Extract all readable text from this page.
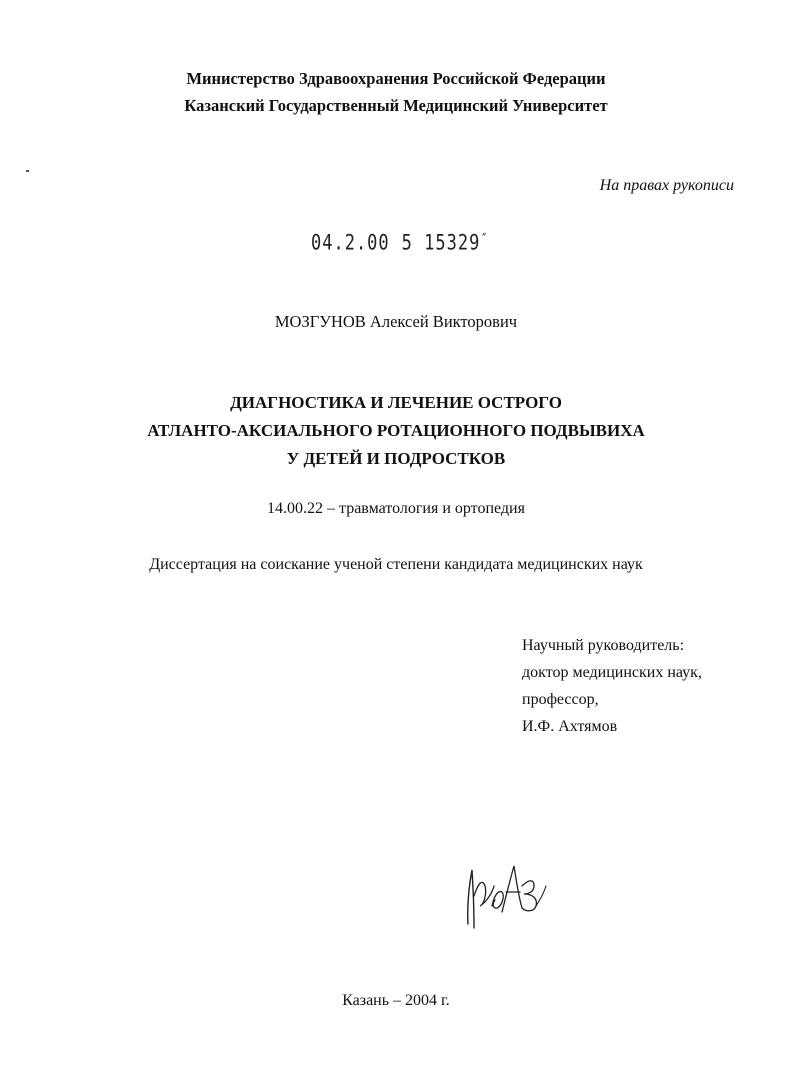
Министерство Здравоохранения Российской Федерации
Казанский Государственный Медицинский Университет
На правах рукописи
04.2.00 5 15329˝
МОЗГУНОВ Алексей Викторович
ДИАГНОСТИКА И ЛЕЧЕНИЕ ОСТРОГО
АТЛАНТО-АКСИАЛЬНОГО РОТАЦИОННОГО ПОДВЫВИХА
У ДЕТЕЙ И ПОДРОСТКОВ
14.00.22 – травматология и ортопедия
Диссертация на соискание ученой степени кандидата медицинских наук
Научный руководитель:
доктор медицинских наук,
профессор,
И.Ф. Ахтямов
Казань – 2004 г.
